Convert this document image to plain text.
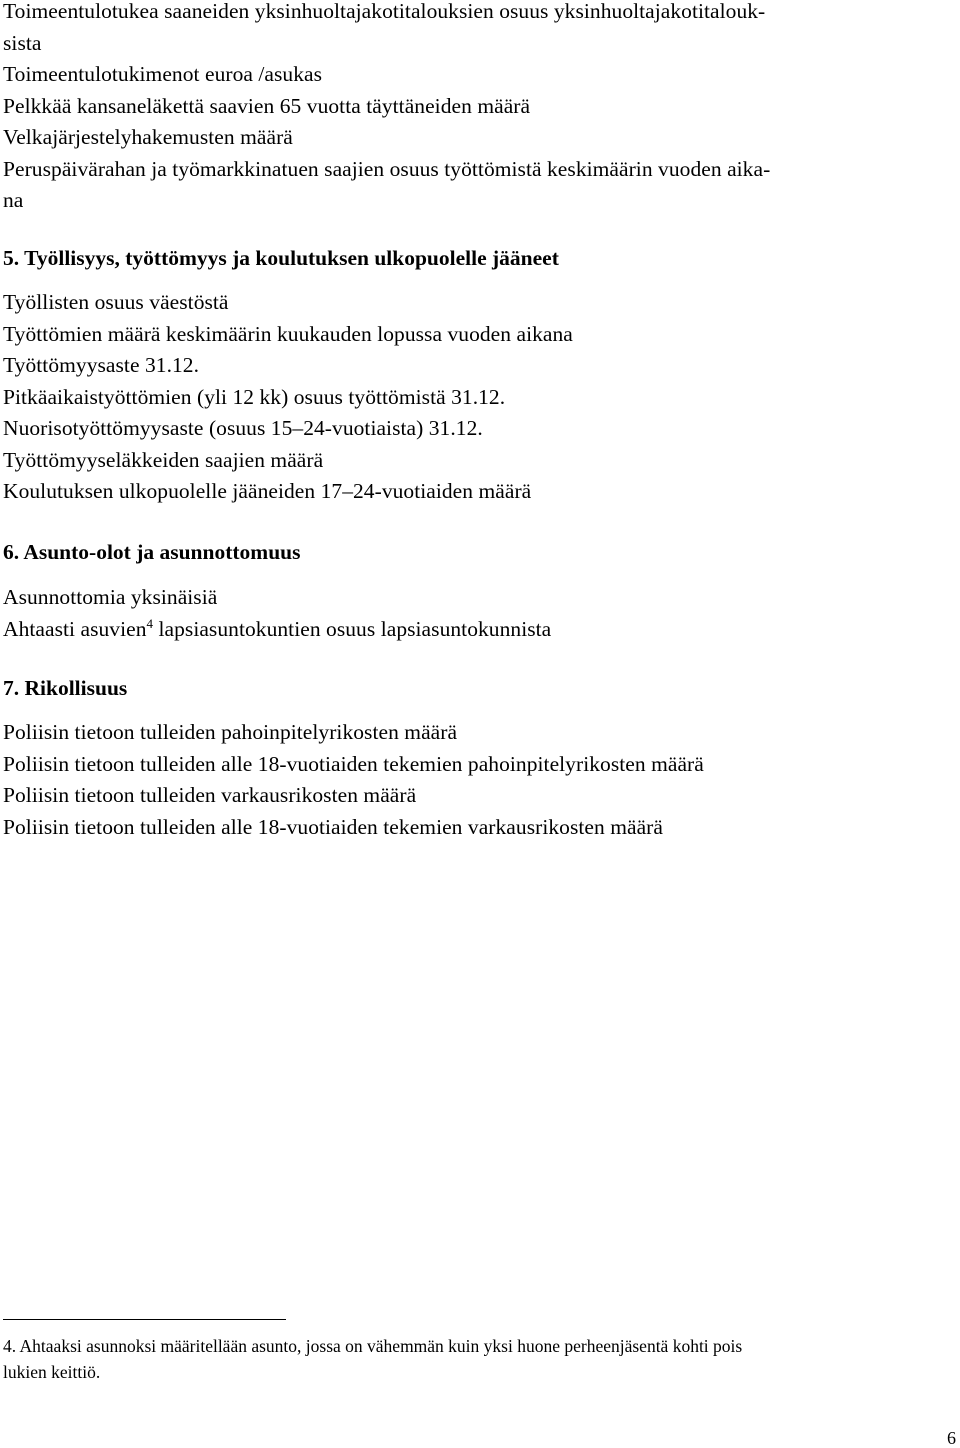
Toimeentulotukea saaneiden yksinhuoltajakotitalouksien osuus yksinhuoltajakotitalouk-
sista
Toimeentulotukimenot euroa /asukas
Pelkkää kansaneläkettä saavien 65 vuotta täyttäneiden määrä
Velkajärjestelyhakemusten määrä
Peruspäivärahan ja työmarkkinatuen saajien osuus työttömistä keskimäärin vuoden aika-
na
5. Työllisyys, työttömyys ja koulutuksen ulkopuolelle jääneet
Työllisten osuus väestöstä
Työttömien määrä keskimäärin kuukauden lopussa vuoden aikana
Työttömyysaste 31.12.
Pitkäaikaistyöttömien (yli 12 kk) osuus työttömistä 31.12.
Nuorisotyöttömyysaste (osuus 15–24-vuotiaista) 31.12.
Työttömyyseläkkeiden saajien määrä
Koulutuksen ulkopuolelle jääneiden 17–24-vuotiaiden määrä
6. Asunto-olot ja asunnottomuus
Asunnottomia yksinäisiä
Ahtaasti asuvien$^4$ lapsiasuntokuntien osuus lapsiasuntokunnista
7. Rikollisuus
Poliisin tietoon tulleiden pahoinpitelyrikosten määrä
Poliisin tietoon tulleiden alle 18-vuotiaiden tekemien pahoinpitelyrikosten määrä
Poliisin tietoon tulleiden varkausrikosten määrä
Poliisin tietoon tulleiden alle 18-vuotiaiden tekemien varkausrikosten määrä
4. Ahtaaksi asunnoksi määritellään asunto, jossa on vähemmän kuin yksi huone perheenjäsentä kohti pois
lukien keittiö.
6
